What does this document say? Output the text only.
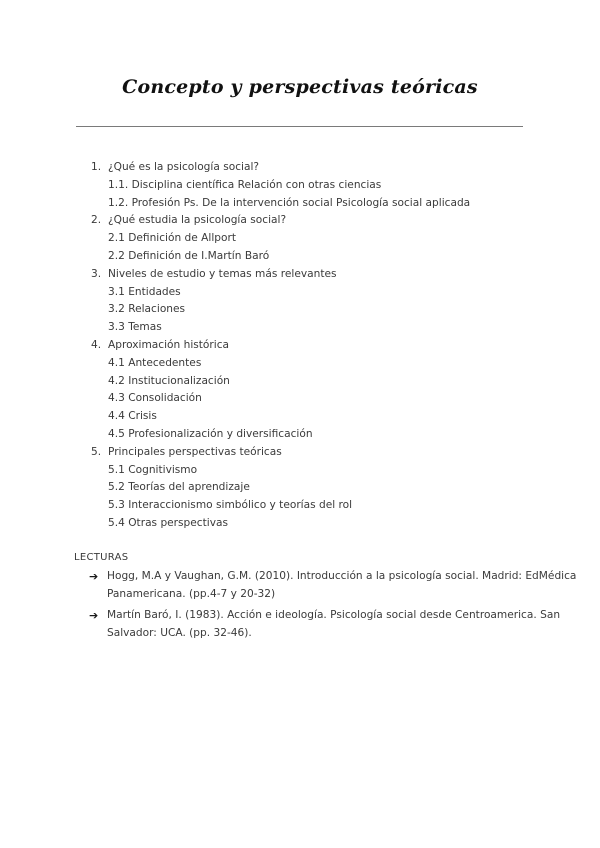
Concepto y perspectivas teóricas
1. ¿Qué es la psicología social?
1.1. Disciplina científica Relación con otras ciencias
1.2. Profesión Ps. De la intervención social Psicología social aplicada
2. ¿Qué estudia la psicología social?
2.1 Definición de Allport
2.2 Definición de I.Martín Baró
3. Niveles de estudio y temas más relevantes
3.1 Entidades
3.2 Relaciones
3.3 Temas
4. Aproximación histórica
4.1 Antecedentes
4.2 Institucionalización
4.3 Consolidación
4.4 Crisis
4.5 Profesionalización y diversificación
5. Principales perspectivas teóricas
5.1 Cognitivismo
5.2 Teorías del aprendizaje
5.3 Interaccionismo simbólico y teorías del rol
5.4 Otras perspectivas
LECTURAS
➔ Hogg, M.A y Vaughan, G.M. (2010). Introducción a la psicología social. Madrid: EdMédica
Panamericana. (pp.4-7 y 20-32)
➔ Martín Baró, I. (1983). Acción e ideología. Psicología social desde Centroamerica. San
Salvador: UCA. (pp. 32-46).
